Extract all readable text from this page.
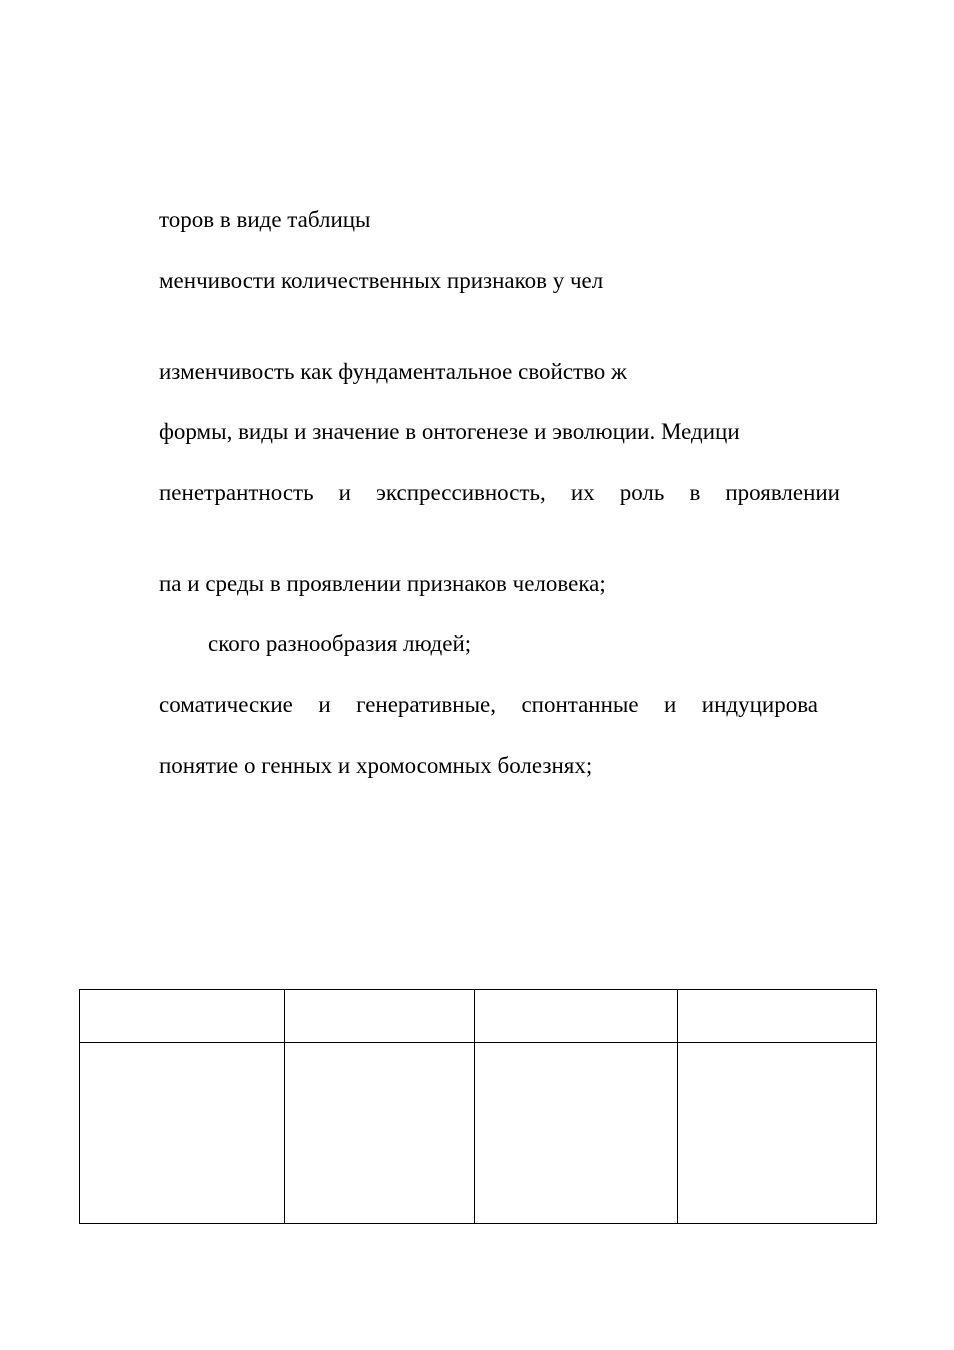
торов в виде таблицы
менчивости количественных признаков у чел
изменчивость как фундаментальное свойство ж
формы, виды и значение в онтогенезе и эволюции. Медици
пенетрантность и экспрессивность, их роль в проявлении
па и среды в проявлении признаков человека;
ского разнообразия людей;
соматические и генеративные, спонтанные и индуцирова
понятие о генных и хромосомных болезнях;
